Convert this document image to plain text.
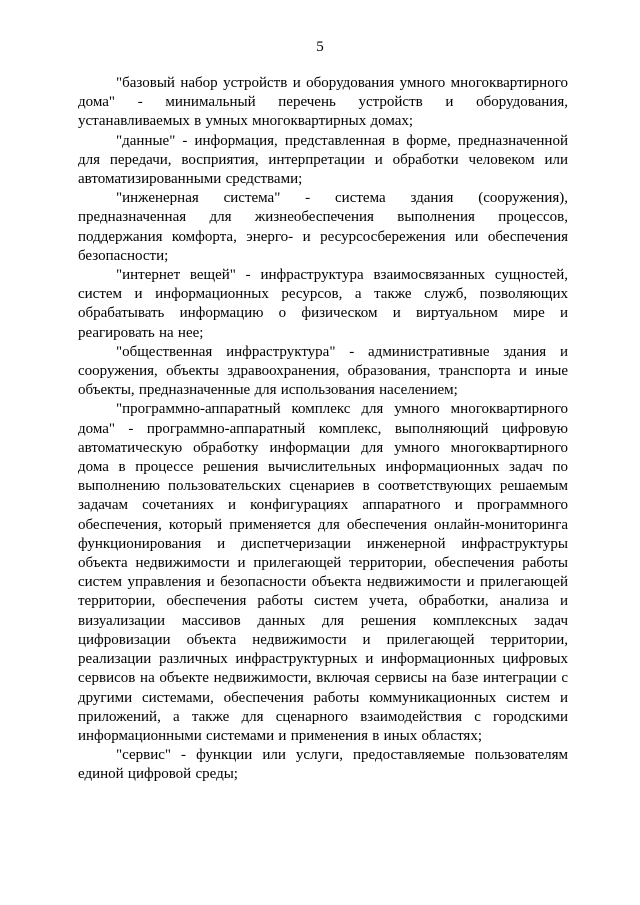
5

"базовый набор устройств и оборудования умного многоквартирного дома" - минимальный перечень устройств и оборудования, устанавливаемых в умных многоквартирных домах;

"данные" - информация, представленная в форме, предназначенной для передачи, восприятия, интерпретации и обработки человеком или автоматизированными средствами;

"инженерная система" - система здания (сооружения), предназначенная для жизнеобеспечения выполнения процессов, поддержания комфорта, энерго- и ресурсосбережения или обеспечения безопасности;

"интернет вещей" - инфраструктура взаимосвязанных сущностей, систем и информационных ресурсов, а также служб, позволяющих обрабатывать информацию о физическом и виртуальном мире и реагировать на нее;

"общественная инфраструктура" - административные здания и сооружения, объекты здравоохранения, образования, транспорта и иные объекты, предназначенные для использования населением;

"программно-аппаратный комплекс для умного многоквартирного дома" - программно-аппаратный комплекс, выполняющий цифровую автоматическую обработку информации для умного многоквартирного дома в процессе решения вычислительных информационных задач по выполнению пользовательских сценариев в соответствующих решаемым задачам сочетаниях и конфигурациях аппаратного и программного обеспечения, который применяется для обеспечения онлайн-мониторинга функционирования и диспетчеризации инженерной инфраструктуры объекта недвижимости и прилегающей территории, обеспечения работы систем управления и безопасности объекта недвижимости и прилегающей территории, обеспечения работы систем учета, обработки, анализа и визуализации массивов данных для решения комплексных задач цифровизации объекта недвижимости и прилегающей территории, реализации различных инфраструктурных и информационных цифровых сервисов на объекте недвижимости, включая сервисы на базе интеграции с другими системами, обеспечения работы коммуникационных систем и приложений, а также для сценарного взаимодействия с городскими информационными системами и применения в иных областях;

"сервис" - функции или услуги, предоставляемые пользователям единой цифровой среды;
